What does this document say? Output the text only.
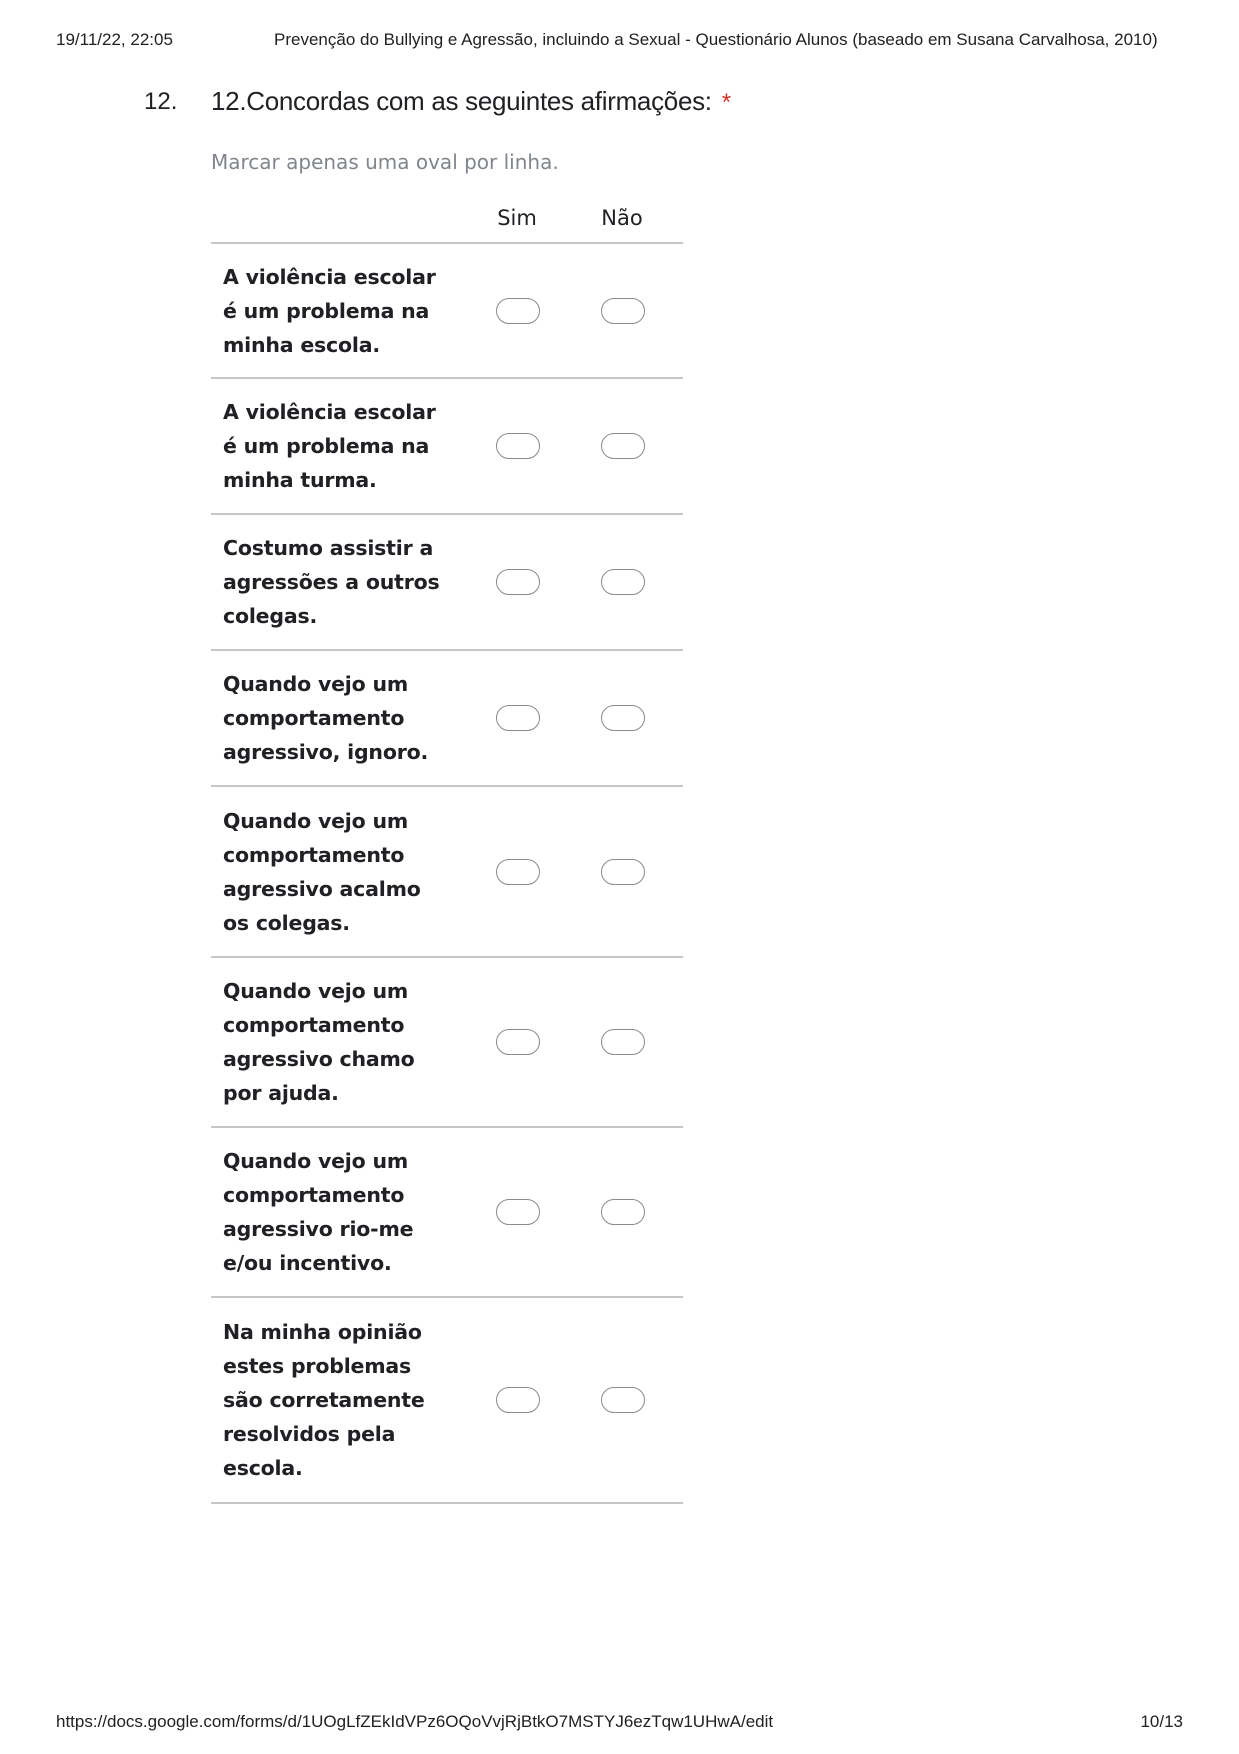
19/11/22, 22:05	Prevenção do Bullying e Agressão, incluindo a Sexual - Questionário Alunos (baseado em Susana Carvalhosa, 2010)
12. 12.Concordas com as seguintes afirmações: *
Marcar apenas uma oval por linha.
Sim	Não
A violência escolar é um problema na minha escola.
A violência escolar é um problema na minha turma.
Costumo assistir a agressões a outros colegas.
Quando vejo um comportamento agressivo, ignoro.
Quando vejo um comportamento agressivo acalmo os colegas.
Quando vejo um comportamento agressivo chamo por ajuda.
Quando vejo um comportamento agressivo rio-me e/ou incentivo.
Na minha opinião estes problemas são corretamente resolvidos pela escola.
https://docs.google.com/forms/d/1UOgLfZEkIdVPz6OQoVvjRjBtkO7MSTYJ6ezTqw1UHwA/edit	10/13
